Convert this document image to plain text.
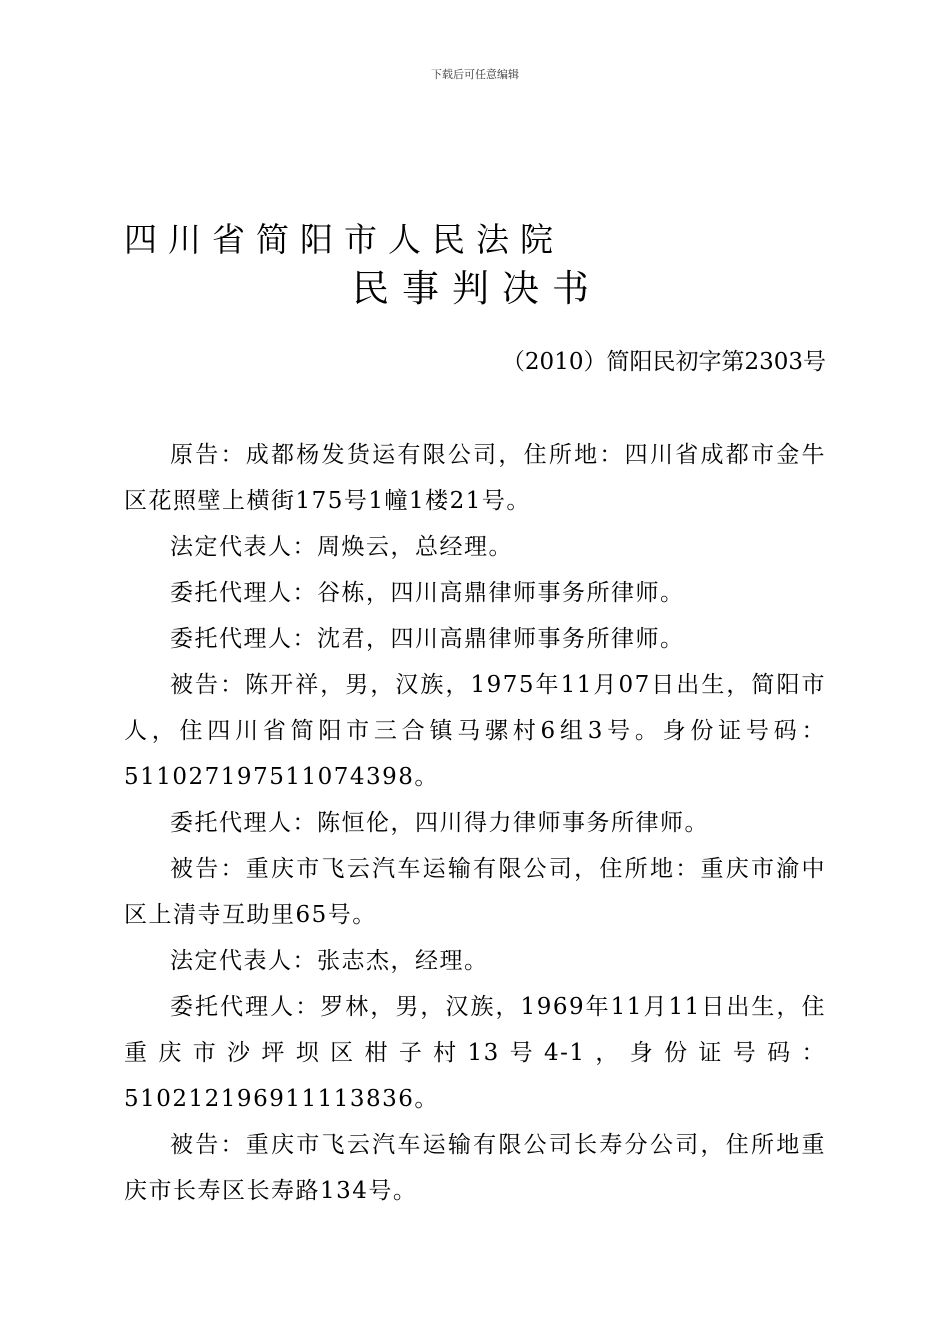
下载后可任意编辑
四川省简阳市人民法院
民事判决书
（2010）简阳民初字第2303号

原告：成都杨发货运有限公司，住所地：四川省成都市金牛区花照壁上横街175号1幢1楼21号。

法定代表人：周焕云，总经理。

委托代理人：谷栋，四川高鼎律师事务所律师。

委托代理人：沈君，四川高鼎律师事务所律师。

被告：陈开祥，男，汉族，1975年11月07日出生，简阳市人，住四川省简阳市三合镇马骡村6组3号。身份证号码：511027197511074398。

委托代理人：陈恒伦，四川得力律师事务所律师。

被告：重庆市飞云汽车运输有限公司，住所地：重庆市渝中区上清寺互助里65号。

法定代表人：张志杰，经理。

委托代理人：罗林，男，汉族，1969年11月11日出生，住重庆市沙坪坝区柑子村13号4-1，身份证号码：510212196911113836。

被告：重庆市飞云汽车运输有限公司长寿分公司，住所地重庆市长寿区长寿路134号。
